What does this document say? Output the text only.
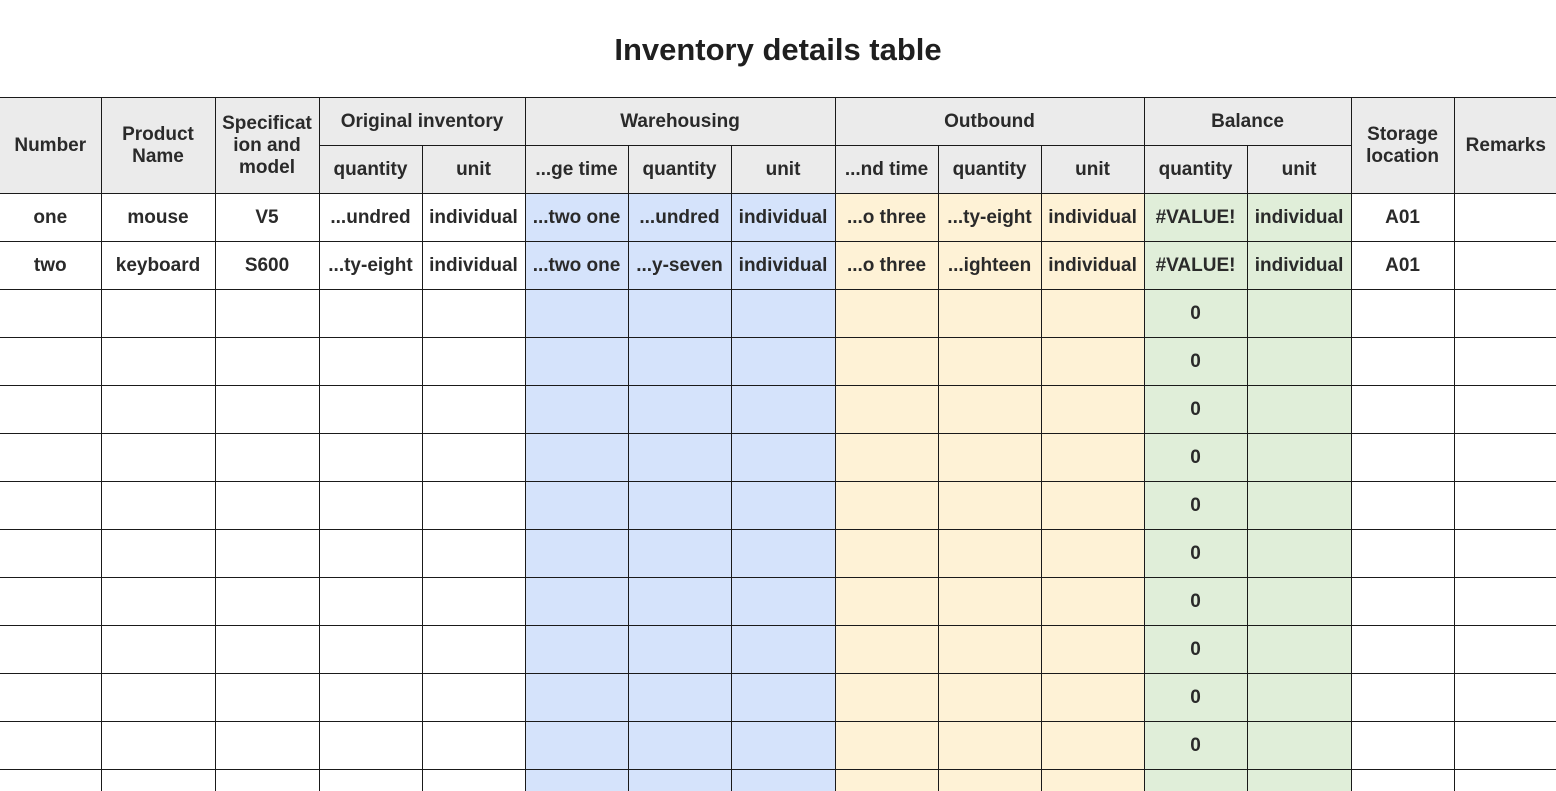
Inventory details table
Number	Product Name	Specificat ion and model	Original inventory		Warehousing			Outbound			Balance		Storage location	Remarks
			quantity	unit	...ge time	quantity	unit	...nd time	quantity	unit	quantity	unit		
one	mouse	V5	...undred	individual	...two one	...undred	individual	...o three	...ty-eight	individual	#VALUE!	individual	A01	
two	keyboard	S600	...ty-eight	individual	...two one	...y-seven	individual	...o three	...ighteen	individual	#VALUE!	individual	A01	
											0			
											0			
											0			
											0			
											0			
											0			
											0			
											0			
											0			
											0			
